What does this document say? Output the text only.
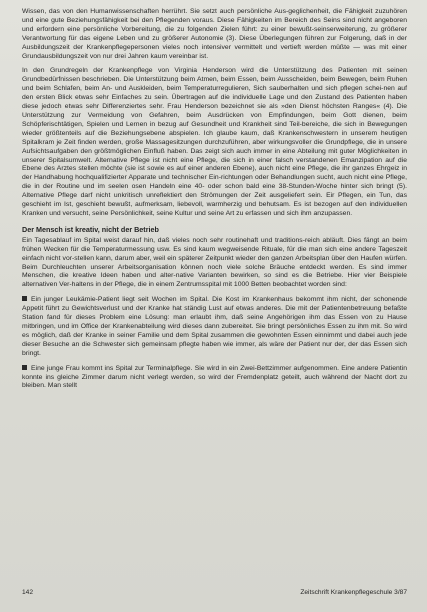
Wissen, das von den Humanwissenschaften herrührt. Sie setzt auch persönliche Aus-geglichenheit, die Fähigkeit zuzuhören und eine gute Beziehungsfähigkeit bei den Pflegenden voraus. Diese Fähigkeiten im Bereich des Seins sind nicht angeboren und erfordern eine persönliche Vorbereitung, die zu folgenden Zielen führt: zu einer bewußt-seinserweiterung, zu größerer Verantwortung für das eigene Leben und zu größerer Autonomie (3). Diese Überlegungen führen zur Folgerung, daß in der Ausbildungszeit der Krankenpflegepersonen vieles noch intensiver vermittelt und vertieft werden müßte — was mit einer Grundausbildungszeit von nur drei Jahren kaum vereinbar ist.

In den Grundregeln der Krankenpflege von Virginia Henderson wird die Unterstützung des Patienten mit seinen Grundbedürfnissen beschrieben. Die Unterstützung beim Atmen, beim Essen, beim Ausscheiden, beim Bewegen, beim Ruhen und beim Schlafen, beim An- und Auskleiden, beim Temperaturregulieren, Sich sauberhalten und sich pflegen schei-nen auf den ersten Blick etwas sehr Einfaches zu sein. Übertragen auf die individuelle Lage und den Zustand des Patienten haben diese jedoch etwas sehr Differenziertes sehr. Frau Henderson bezeichnet sie als »den Dienst höchsten Ranges« (4). Die Unterstützung zur Vermeidung von Gefahren, beim Ausdrücken von Empfindungen, beim Gott dienen, beim Schöpferischtätigen, Spielen und Lernen in bezug auf Gesundheit und Krankheit sind Teil-bereiche, die sich in Bewegungen wieder größtenteils auf die Beziehungsebene abspielen. Ich glaube kaum, daß Krankenschwestern in unserem heutigen Spitalkram je Zeit finden werden, große Massagesitzungen durchzuführen, aber wirkungsvoller die Grundpflege, die in unsere Aufsichtsaufgaben den größtmöglichen Einfluß haben. Das zeigt sich auch immer in eine Abteilung mit guter Möglichkeiten in unserer Spitalsumwelt. Alternative Pflege ist nicht eine Pflege, die sich in einer falsch verstandenen Emanzipation auf die Ebene des Arztes stellen möchte (sie ist sowie es auf einer anderen Ebene), auch nicht eine Pflege, die ihr ganzes Ehrgeiz in der Handhabung hochqualifizierter Apparate und technischer Ein-richtungen oder Behandlungen sucht, auch nicht eine Pflege, die in der Routine und im seelen osen Handeln eine 40- oder schon bald eine 38-Stunden-Woche hinter sich bringt (5). Alternative Pflege darf nicht unkritisch unreflektiert den Strömungen der Zeit ausgeliefert sein. Eir Pflegen, ein Tun, das geschieht im Ist, geschieht bewußt, aufmerksam, liebevoll, warmherzig und behutsam. Es ist bezogen auf den individuellen Kranken und versucht, seine Persönlichkeit, seine Kultur und seine Art zu erfassen und sich ihm anzupassen.

Der Mensch ist kreativ, nicht der Betrieb

Ein Tagesablauf im Spital weist darauf hin, daß vieles noch sehr routinehaft und traditions-reich abläuft. Dies fängt an beim frühen Wecken für die Temperaturmessung usw. Es sind kaum wegweisende Rituale, für die man sich eine andere Tageszeit einfach nicht vor-stellen kann, darum aber, weil ein späterer Zeitpunkt wieder den ganzen Arbeitsplan über den Haufen würfen. Beim Durchleuchten unserer Arbeitsorganisation können noch viele solche Bräuche entdeckt werden. Es sind immer Menschen, die kreative Ideen haben und alter-native Varianten bewirken, so sind es die Betriebe. Hier vier Beispiele alternativen Ver-haltens in der Pflege, die in einem Zentrumsspital mit 1000 Betten beobachtet worden sind:

Ein junger Leukämie-Patient liegt seit Wochen im Spital. Die Kost im Krankenhaus bekommt ihm nicht, der schonende Appetit führt zu Gewichtsverlust und der Kranke hat ständig Lust auf etwas anderes. Die mit der Patientenbetreuung befaßte Station fand für dieses Problem eine Lösung: man erlaubt ihm, daß seine Angehörigen ihm das Essen von zu Hause mitbringen, und im Office der Krankenabteilung wird dieses dann zubereitet. Sie bringt persönliches Essen zu ihm mit. So wird es möglich, daß der Kranke in seiner Familie und dem Spital zusammen die gewohnten Essen einnimmt und dabei auch jede dieser Besuche an die Schwester sich gemeinsam pflegte haben wie immer, als wäre der Patient nur der, der das Essen sich bringt.

Eine junge Frau kommt ins Spital zur Terminalpflege. Sie wird in ein Zwei-Bettzimmer aufgenommen. Eine andere Patientin konnte ins gleiche Zimmer darum nicht verlegt werden, so wird der Fremdenplatz geteilt, auch während der Nacht dort zu bleiben. Man stellt

142	Zeitschrift Krankenpflegeschule 3/87
